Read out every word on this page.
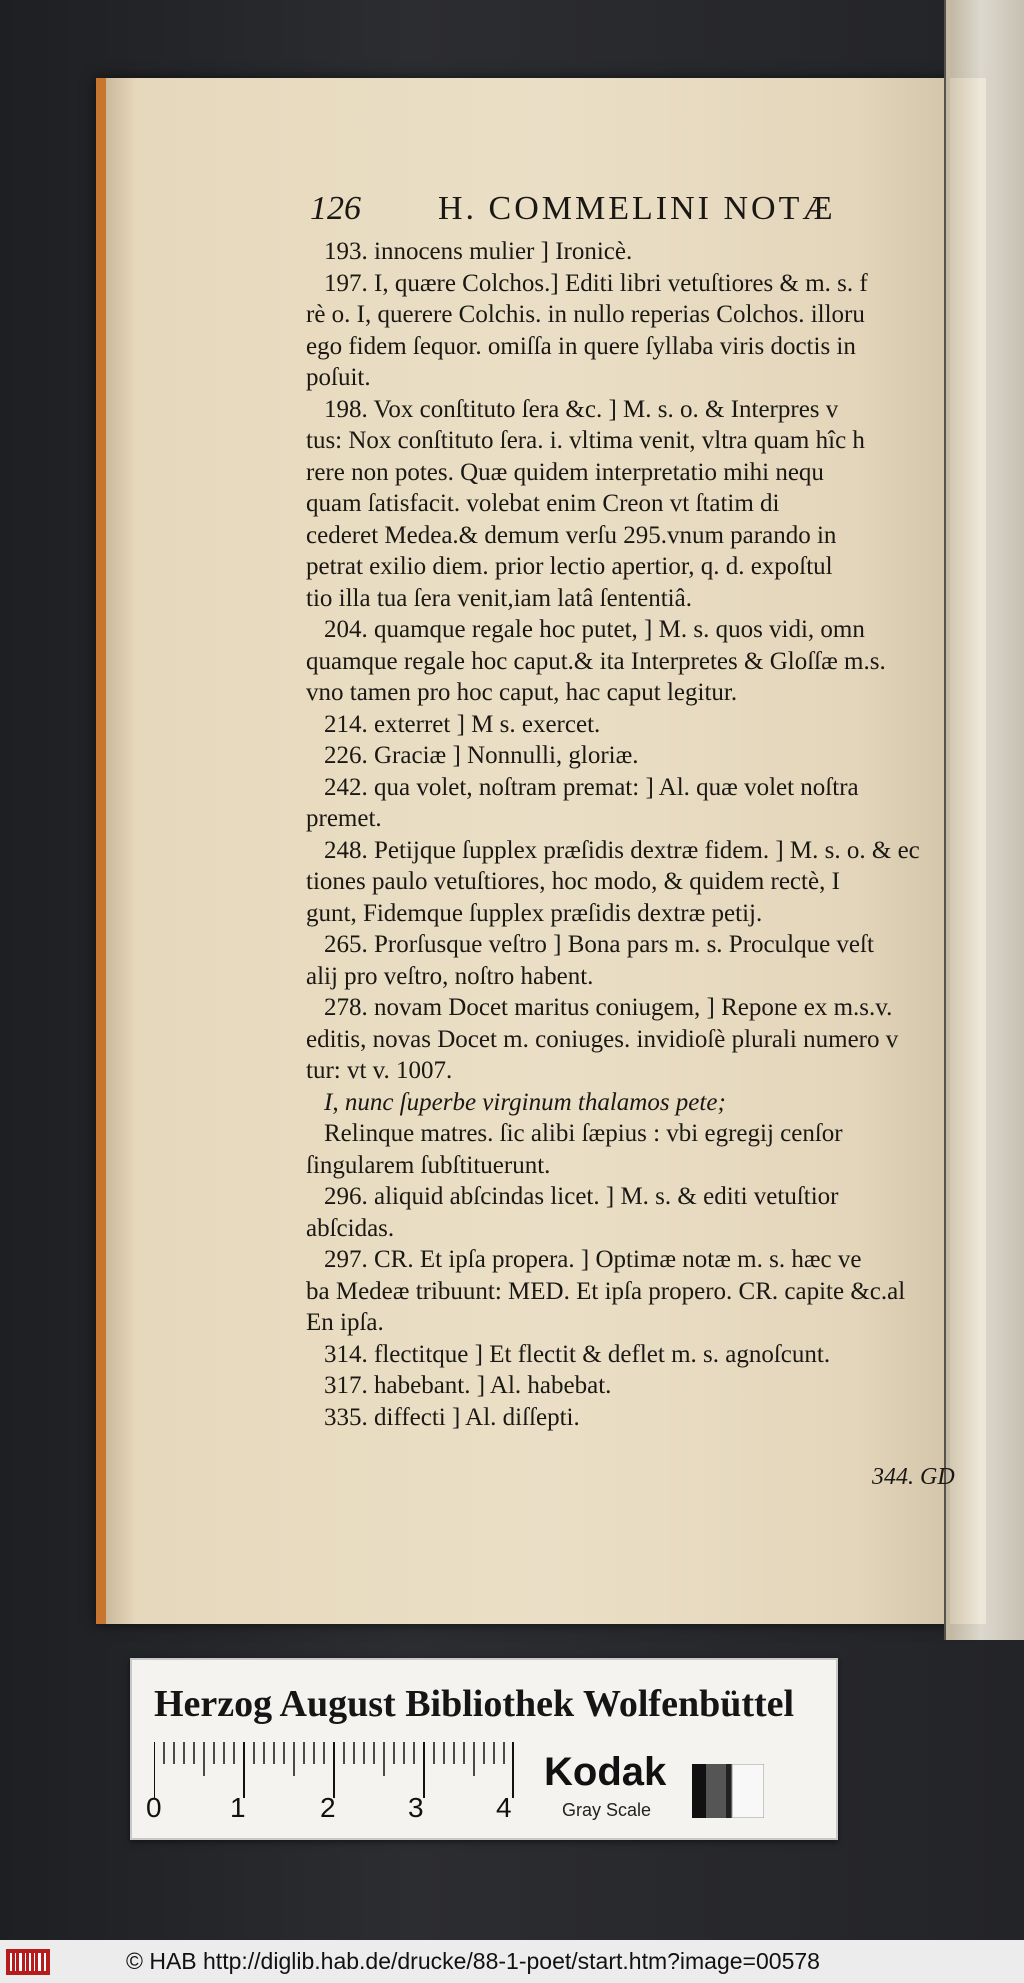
126 H. COMMELINI NOTÆ
193. innocens mulier ] Ironicè.
197. I, quære Colchos.] Editi libri vetuſtiores & m. s. f
rè o. I, querere Colchis. in nullo reperias Colchos. illoru
ego fidem ſequor. omiſſa in quere ſyllaba viris doctis in
poſuit.
198. Vox conſtituto ſera &c. ] M. s. o. & Interpres v
tus: Nox conſtituto ſera. i. vltima venit, vltra quam hîc h
rere non potes. Quæ quidem interpretatio mihi nequ
quam ſatisfacit. volebat enim Creon vt ſtatim di
cederet Medea.& demum verſu 295.vnum parando in
petrat exilio diem. prior lectio apertior, q. d. expoſtul
tio illa tua ſera venit,iam latâ ſententiâ.
204. quamque regale hoc putet, ] M. s. quos vidi, omn
quamque regale hoc caput.& ita Interpretes & Gloſſæ m.s.
vno tamen pro hoc caput, hac caput legitur.
214. exterret ] M s. exercet.
226. Graciæ ] Nonnulli, gloriæ.
242. qua volet, noſtram premat: ] Al. quæ volet noſtra
premet.
248. Petijque ſupplex præſidis dextræ fidem. ] M. s. o. & ec
tiones paulo vetuſtiores, hoc modo, & quidem rectè, I
gunt, Fidemque ſupplex præſidis dextræ petij.
265. Prorſusque veſtro ] Bona pars m. s. Proculque veſt
alij pro veſtro, noſtro habent.
278. novam Docet maritus coniugem, ] Repone ex m.s.v.
editis, novas Docet m. coniuges. invidioſè plurali numero v
tur: vt v. 1007.
I, nunc ſuperbe virginum thalamos pete;
Relinque matres. ſic alibi ſæpius : vbi egregij cenſor
ſingularem ſubſtituerunt.
296. aliquid abſcindas licet. ] M. s. & editi vetuſtior
abſcidas.
297. CR. Et ipſa propera. ] Optimæ notæ m. s. hæc ve
ba Medeæ tribuunt: MED. Et ipſa propero. CR. capite &c.al
En ipſa.
314. flectitque ] Et flectit & deflet m. s. agnoſcunt.
317. habebant. ] Al. habebat.
335. diffecti ] Al. diſſepti.
344. GD
Herzog August Bibliothek Wolfenbüttel
0 1	2	3	4
Kodak
Gray Scale
© HAB http://diglib.hab.de/drucke/88-1-poet/start.htm?image=00578
